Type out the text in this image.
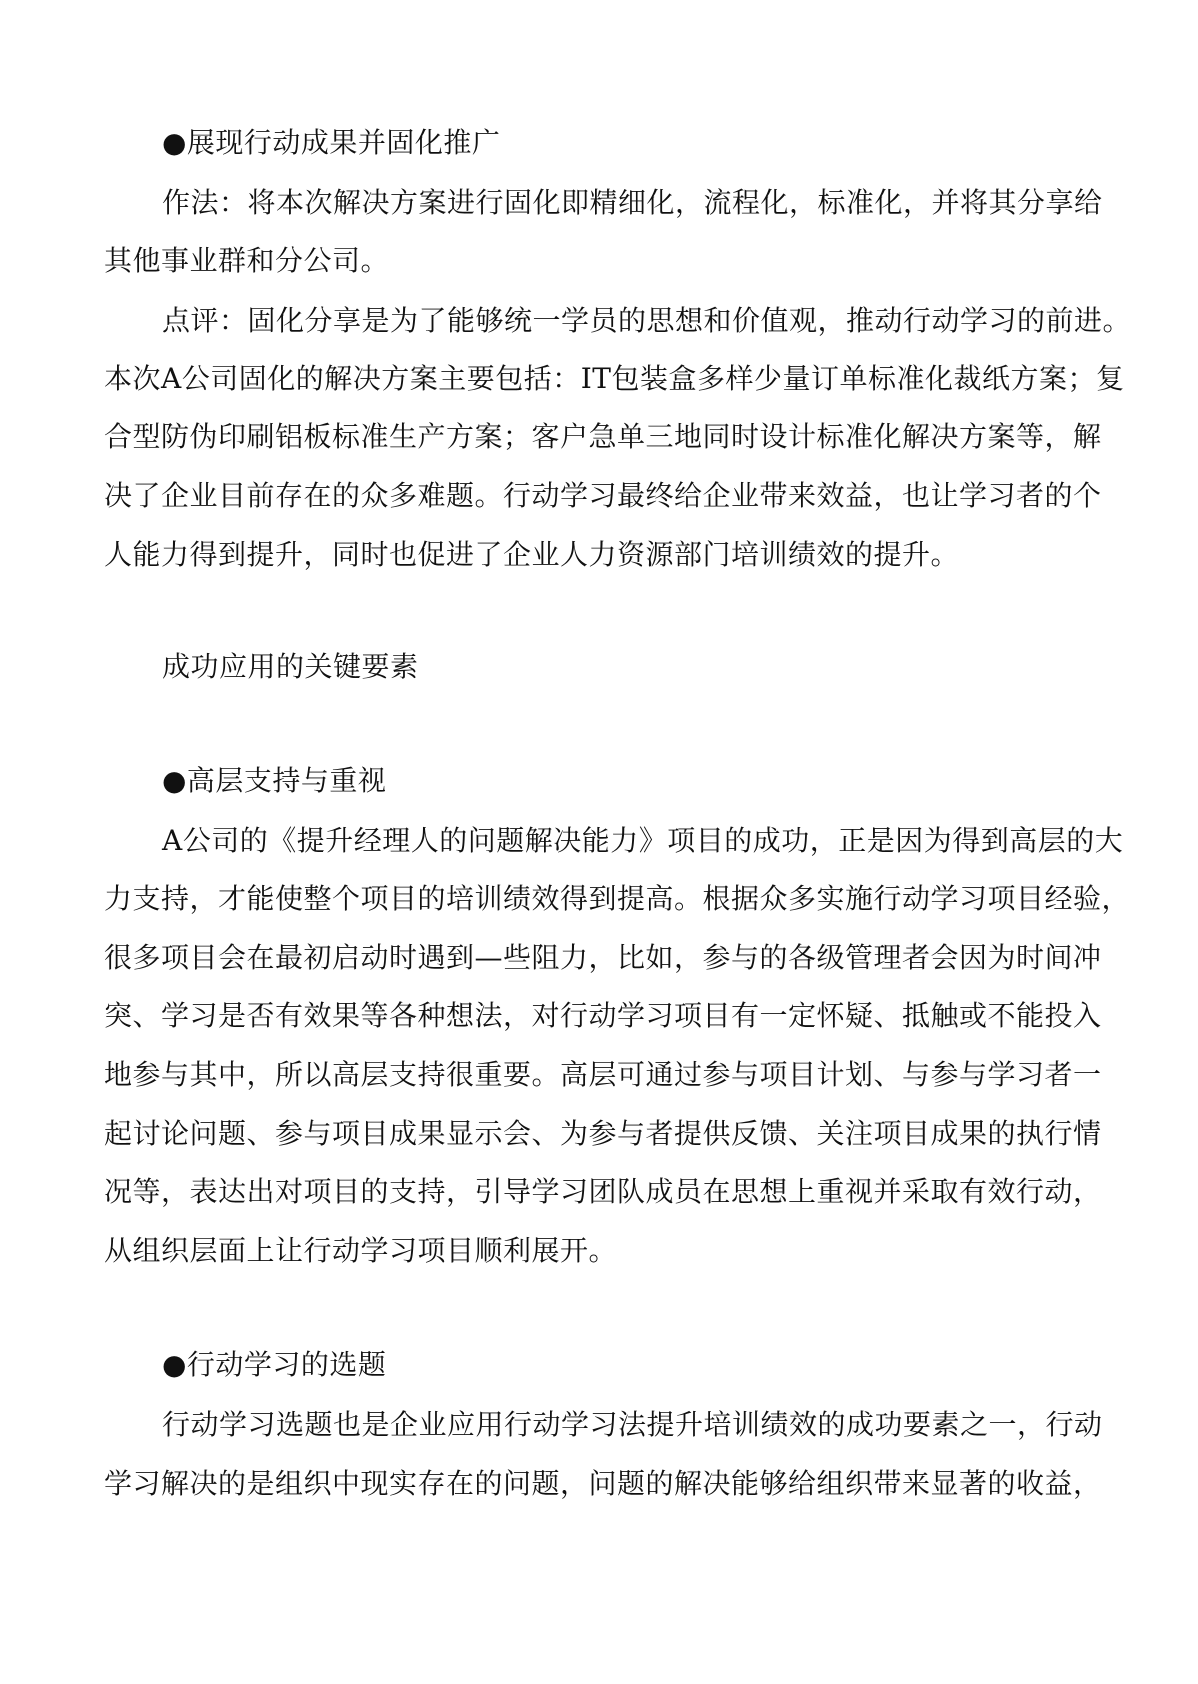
●展现行动成果并固化推广
作法：将本次解决方案进行固化即精细化，流程化，标准化，并将其分享给
其他事业群和分公司。
点评：固化分享是为了能够统一学员的思想和价值观，推动行动学习的前进。
本次A公司固化的解决方案主要包括：IT包装盒多样少量订单标准化裁纸方案；复
合型防伪印刷铝板标准生产方案；客户急单三地同时设计标准化解决方案等，解
决了企业目前存在的众多难题。行动学习最终给企业带来效益，也让学习者的个
人能力得到提升，同时也促进了企业人力资源部门培训绩效的提升。
成功应用的关键要素
●高层支持与重视
A公司的《提升经理人的问题解决能力》项目的成功，正是因为得到高层的大
力支持，才能使整个项目的培训绩效得到提高。根据众多实施行动学习项目经验，
很多项目会在最初启动时遇到—些阻力，比如，参与的各级管理者会因为时间冲
突、学习是否有效果等各种想法，对行动学习项目有一定怀疑、抵触或不能投入
地参与其中，所以高层支持很重要。高层可通过参与项目计划、与参与学习者一
起讨论问题、参与项目成果显示会、为参与者提供反馈、关注项目成果的执行情
况等，表达出对项目的支持，引导学习团队成员在思想上重视并采取有效行动，
从组织层面上让行动学习项目顺利展开。
●行动学习的选题
行动学习选题也是企业应用行动学习法提升培训绩效的成功要素之一，行动
学习解决的是组织中现实存在的问题，问题的解决能够给组织带来显著的收益，
